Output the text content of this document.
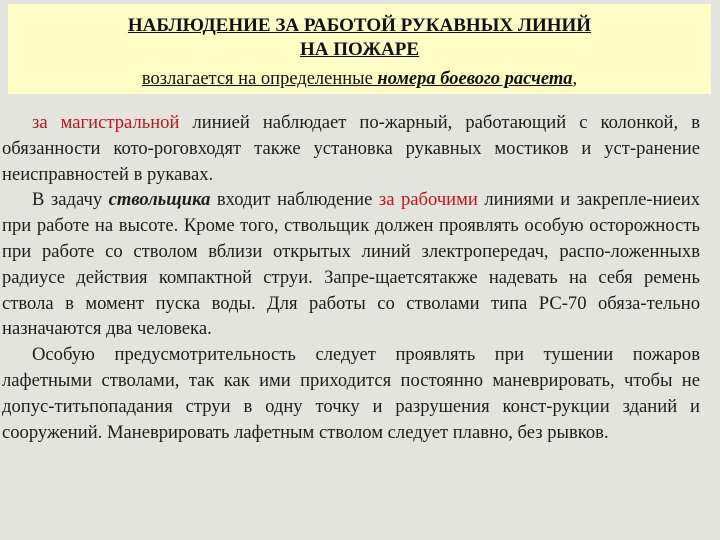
НАБЛЮДЕНИЕ ЗА РАБОТОЙ РУКАВНЫХ ЛИНИЙ
НА ПОЖАРЕ
возлагается на определенные номера боевого расчета,

за магистральной линией наблюдает по-жарный, работающий с колонкой, в обязанности кото-роговходят также установка рукавных мостиков и уст-ранение неисправностей в рукавах.

В задачу ствольщика входит наблюдение за рабочими линиями и закрепле-ниеих при работе на высоте. Кроме того, ствольщик должен проявлять особую осторожность при работе со стволом вблизи открытых линий злектропередач, распо-ложенныхв радиусе действия компактной струи. Запре-щаетсятакже надевать на себя ремень ствола в момент пуска воды. Для работы со стволами типа РС-70 обяза-тельно назначаются два человека.

Особую предусмотрительность следует проявлять при тушении пожаров лафетными стволами, так как ими приходится постоянно маневрировать, чтобы не допус-титьпопадания струи в одну точку и разрушения конст-рукции зданий и сооружений. Маневрировать лафетным стволом следует плавно, без рывков.
